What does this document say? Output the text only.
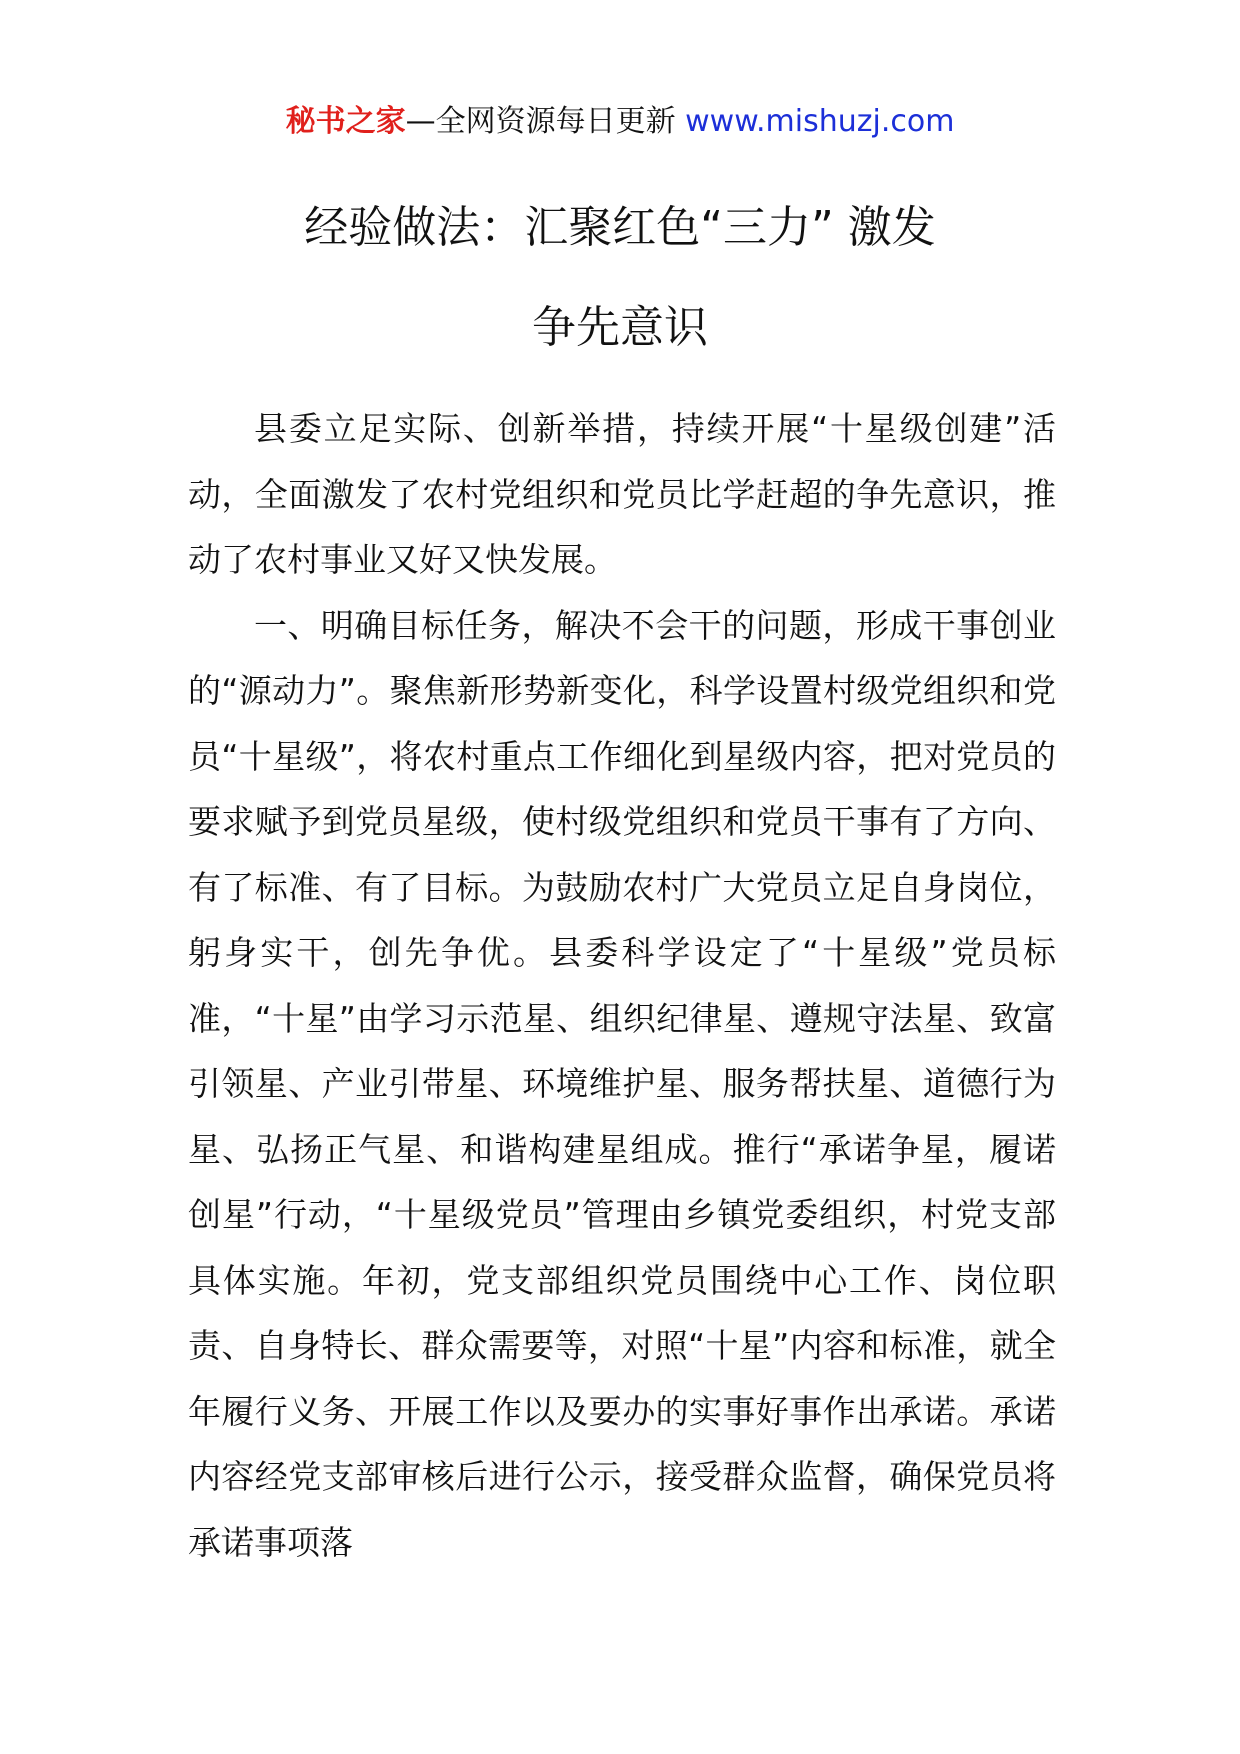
秘书之家—全网资源每日更新 www.mishuzj.com
经验做法：汇聚红色“三力” 激发
争先意识

县委立足实际、创新举措，持续开展“十星级创建”活动，全面激发了农村党组织和党员比学赶超的争先意识，推动了农村事业又好又快发展。

一、明确目标任务，解决不会干的问题，形成干事创业的“源动力”。聚焦新形势新变化，科学设置村级党组织和党员“十星级”，将农村重点工作细化到星级内容，把对党员的要求赋予到党员星级，使村级党组织和党员干事有了方向、有了标准、有了目标。为鼓励农村广大党员立足自身岗位，躬身实干，创先争优。县委科学设定了“十星级”党员标准，“十星”由学习示范星、组织纪律星、遵规守法星、致富引领星、产业引带星、环境维护星、服务帮扶星、道德行为星、弘扬正气星、和谐构建星组成。推行“承诺争星，履诺创星”行动，“十星级党员”管理由乡镇党委组织，村党支部具体实施。年初，党支部组织党员围绕中心工作、岗位职责、自身特长、群众需要等，对照“十星”内容和标准，就全年履行义务、开展工作以及要办的实事好事作出承诺。承诺内容经党支部审核后进行公示，接受群众监督，确保党员将承诺事项落
